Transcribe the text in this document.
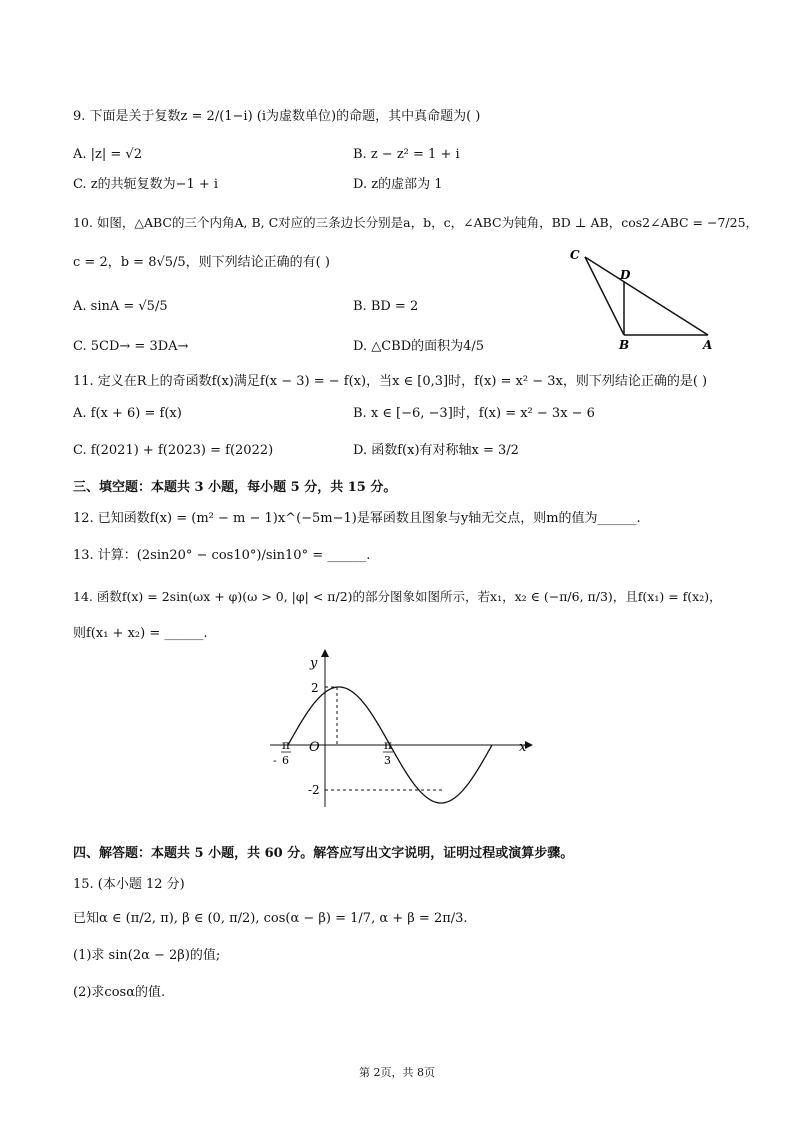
9. 下面是关于复数z = 2/(1−i) (i为虚数单位)的命题，其中真命题为( )
A. |z| = √2	B. z − z² = 1 + i
C. z的共轭复数为−1 + i	D. z的虚部为 1
10. 如图，△ABC的三个内角A, B, C对应的三条边长分别是a，b，c，∠ABC为钝角，BD ⊥ AB，cos2∠ABC = −7/25，
c = 2，b = 8√5/5，则下列结论正确的有( )
A. sinA = √5/5	B. BD = 2
C. 5CD→ = 3DA→	D. △CBD的面积为4/5
C
D
B	A
11. 定义在R上的奇函数f(x)满足f(x − 3) = − f(x)，当x ∈ [0,3]时，f(x) = x² − 3x，则下列结论正确的是( )
A. f(x + 6) = f(x)	B. x ∈ [−6, −3]时，f(x) = x² − 3x − 6
C. f(2021) + f(2023) = f(2022)	D. 函数f(x)有对称轴x = 3/2
三、填空题：本题共 3 小题，每小题 5 分，共 15 分。
12. 已知函数f(x) = (m² − m − 1)x^(−5m−1)是幂函数且图象与y轴无交点，则m的值为______.
13. 计算：(2sin20° − cos10°)/sin10° = ______.
14. 函数f(x) = 2sin(ωx + φ)(ω > 0, |φ| < π/2)的部分图象如图所示，若x₁，x₂ ∈ (−π/6, π/3)，且f(x₁) = f(x₂)，
则f(x₁ + x₂) = ______.
y
x
O
2
-2
π
- 6
π
3
四、解答题：本题共 5 小题，共 60 分。解答应写出文字说明，证明过程或演算步骤。
15. (本小题 12 分)
已知α ∈ (π/2, π), β ∈ (0, π/2), cos(α − β) = 1/7, α + β = 2π/3.
(1)求 sin(2α − 2β)的值;
(2)求cosα的值.
第 2页，共 8页
